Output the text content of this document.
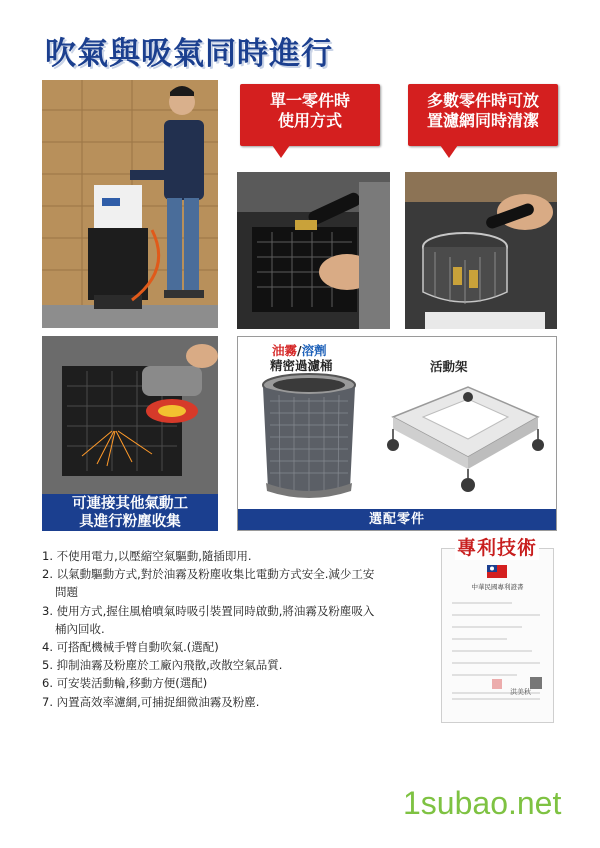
吹氣與吸氣同時進行
單一零件時
使用方式
多數零件時可放
置濾網同時清潔
可連接其他氣動工
具進行粉塵收集
油霧/溶劑
精密過濾桶	活動架
選配零件
1. 不使用電力,以壓縮空氣驅動,隨插即用.
2. 以氣動驅動方式,對於油霧及粉塵收集比電動方式安全.減少工安
問題
3. 使用方式,握住風槍噴氣時吸引裝置同時啟動,將油霧及粉塵吸入
桶內回收.
4. 可搭配機械手臂自動吹氣.(選配)
5. 抑制油霧及粉塵於工廠內飛散,改散空氣品質.
6. 可安裝活動輪,移動方便(選配)
7. 內置高效率濾網,可捕捉細微油霧及粉塵.
中華民國專利證書
洪美秋
專利技術
1subao.net
